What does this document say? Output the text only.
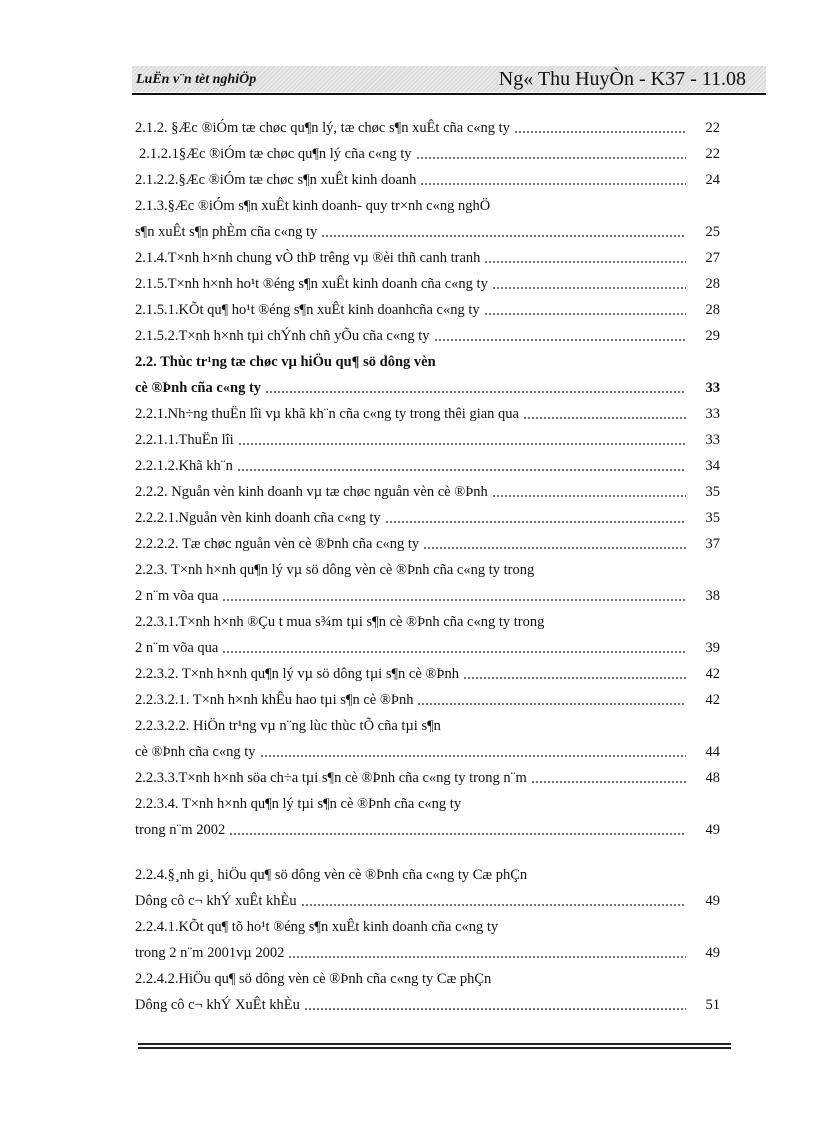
LuËn v¨n tèt nghiÖp	Ng« Thu HuyÒn - K37 - 11.08
2.1.2. §Æc ®iÓm tæ chøc qu¶n lý, tæ chøc s¶n xuÊt cña c«ng ty	22
2.1.2.1§Æc ®iÓm tæ chøc qu¶n lý cña c«ng ty	22
2.1.2.2.§Æc ®iÓm tæ chøc s¶n xuÊt kinh doanh	24
2.1.3.§Æc ®iÓm s¶n xuÊt kinh doanh- quy tr×nh c«ng nghÖ
s¶n xuÊt s¶n phÈm cña c«ng ty	25
2.1.4.T×nh h×nh chung vÒ thÞ trêng vµ ®èi thñ canh tranh	27
2.1.5.T×nh h×nh ho¹t ®éng s¶n xuÊt kinh doanh cña c«ng ty	28
2.1.5.1.KÕt qu¶ ho¹t ®éng s¶n xuÊt kinh doanhcña c«ng ty	28
2.1.5.2.T×nh h×nh tµi chÝnh chñ yÕu cña c«ng ty	29
2.2. Thùc tr¹ng tæ chøc vµ hiÖu qu¶ sö dông vèn
cè ®Þnh cña c«ng ty	33
2.2.1.Nh÷ng thuËn lîi vµ khã kh¨n cña c«ng ty trong thêi gian qua	33
2.2.1.1.ThuËn lîi	33
2.2.1.2.Khã kh¨n	34
2.2.2. Nguån vèn kinh doanh vµ tæ chøc nguån vèn cè ®Þnh	35
2.2.2.1.Nguån vèn kinh doanh cña c«ng ty	35
2.2.2.2. Tæ chøc nguån vèn cè ®Þnh cña c«ng ty	37
2.2.3. T×nh h×nh qu¶n lý vµ sö dông vèn cè ®Þnh cña c«ng ty trong
2 n¨m võa qua	38
2.2.3.1.T×nh h×nh ®Çu t mua s¾m tµi s¶n cè ®Þnh cña c«ng ty trong
2 n¨m võa qua	39
2.2.3.2. T×nh h×nh qu¶n lý vµ sö dông tµi s¶n cè ®Þnh	42
2.2.3.2.1. T×nh h×nh khÊu hao tµi s¶n cè ®Þnh	42
2.2.3.2.2. HiÖn tr¹ng vµ n¨ng lùc thùc tÕ cña tµi s¶n
cè ®Þnh cña c«ng ty	44
2.2.3.3.T×nh h×nh söa ch÷a tµi s¶n cè ®Þnh cña c«ng ty trong n¨m	48
2.2.3.4. T×nh h×nh qu¶n lý tµi s¶n cè ®Þnh cña c«ng ty
trong n¨m 2002	49
2.2.4.§¸nh gi¸ hiÖu qu¶ sö dông vèn cè ®Þnh cña c«ng ty Cæ phÇn
Dông cô c¬ khÝ xuÊt khÈu	49
2.2.4.1.KÕt qu¶ tõ ho¹t ®éng s¶n xuÊt kinh doanh cña c«ng ty
trong 2 n¨m 2001vµ 2002	49
2.2.4.2.HiÖu qu¶ sö dông vèn cè ®Þnh cña c«ng ty Cæ phÇn
Dông cô c¬ khÝ XuÊt khÈu	51
